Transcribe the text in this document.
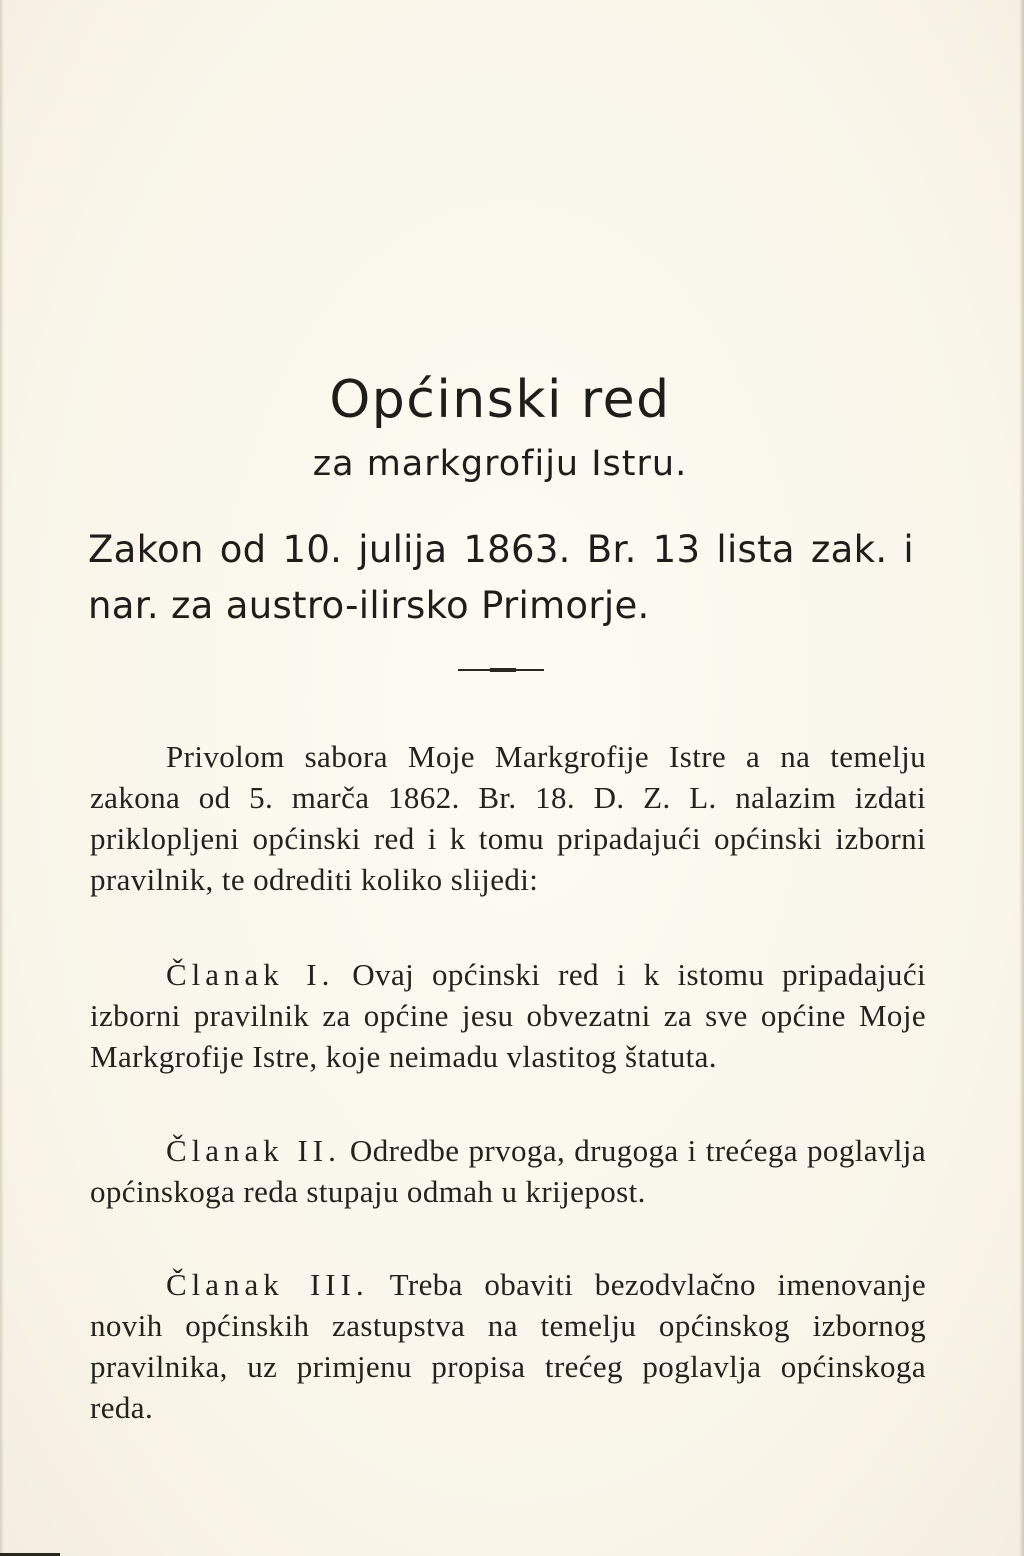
Općinski red
za markgrofiju Istru.
Zakon od 10. julija 1863. Br. 13 lista zak. i nar. za austro-ilirsko Primorje.

Privolom sabora Moje Markgrofije Istre a na temelju zakona od 5. marča 1862. Br. 18. D. Z. L. nalazim izdati priklopljeni općinski red i k tomu pripadajući općinski izborni pravilnik, te odrediti koliko slijedi:

Članak I. Ovaj općinski red i k istomu pripadajući izborni pravilnik za općine jesu obvezatni za sve općine Moje Markgrofije Istre, koje neimadu vlastitog štatuta.

Članak II. Odredbe prvoga, drugoga i trećega poglavlja općinskoga reda stupaju odmah u krijepost.

Članak III. Treba obaviti bezodvlačno imenovanje novih općinskih zastupstva na temelju općinskog izbornog pravilnika, uz primjenu propisa trećeg poglavlja općinskoga reda.
